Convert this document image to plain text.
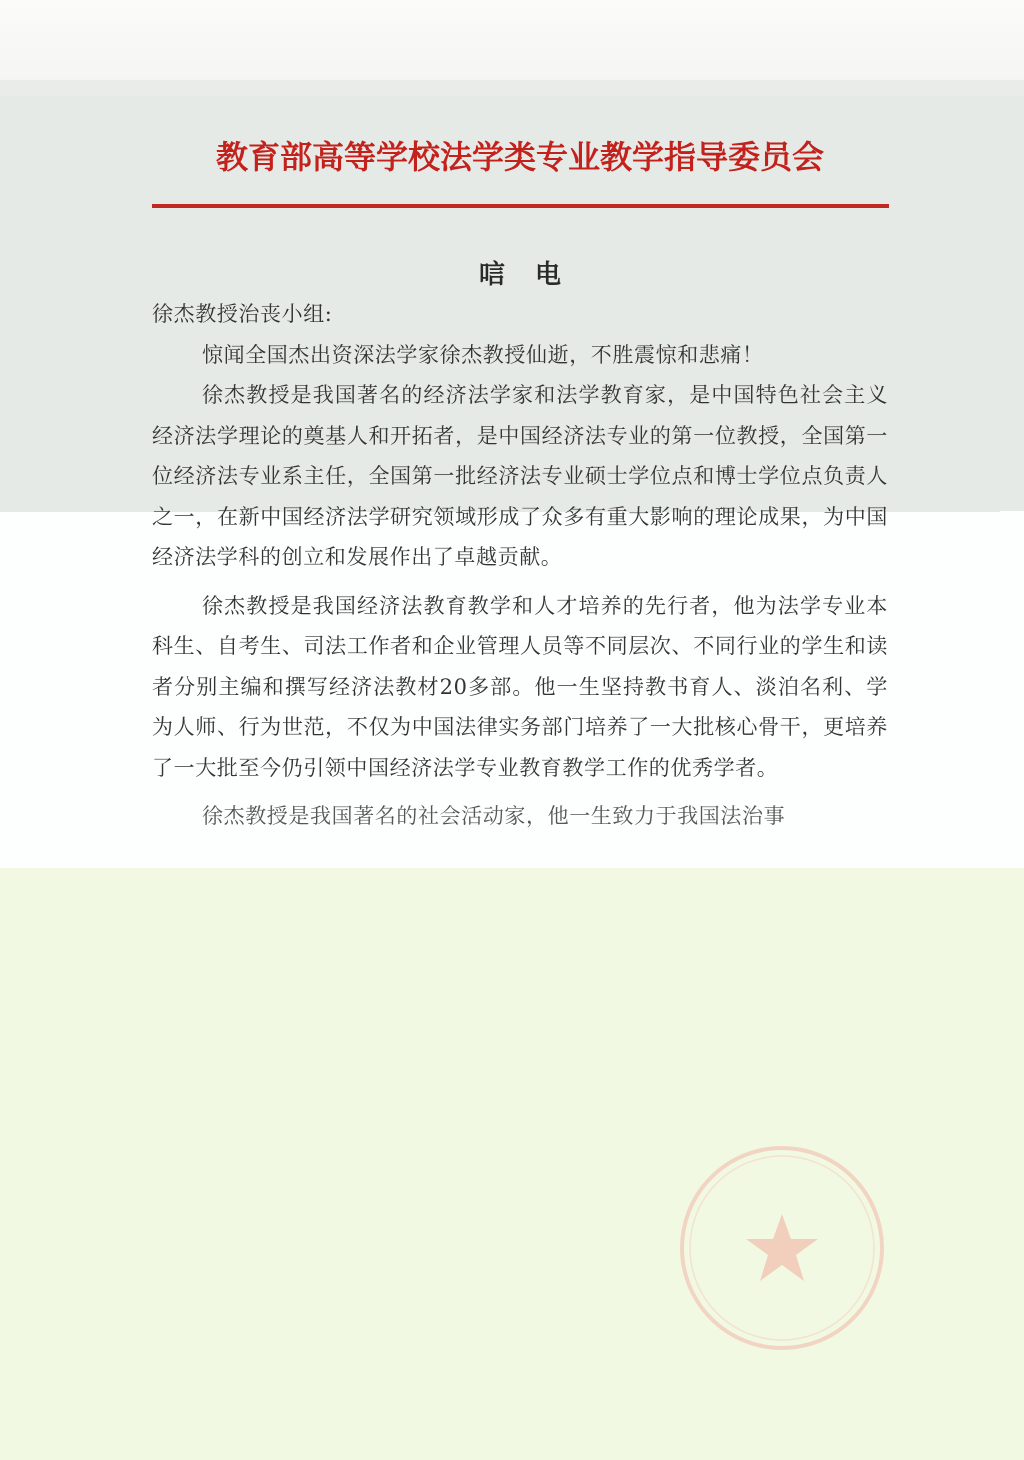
教育部高等学校法学类专业教学指导委员会
唁 电

徐杰教授治丧小组:

惊闻全国杰出资深法学家徐杰教授仙逝，不胜震惊和悲痛！

徐杰教授是我国著名的经济法学家和法学教育家，是中国特色社会主义经济法学理论的奠基人和开拓者，是中国经济法专业的第一位教授，全国第一位经济法专业系主任，全国第一批经济法专业硕士学位点和博士学位点负责人之一，在新中国经济法学研究领域形成了众多有重大影响的理论成果，为中国经济法学科的创立和发展作出了卓越贡献。

徐杰教授是我国经济法教育教学和人才培养的先行者，他为法学专业本科生、自考生、司法工作者和企业管理人员等不同层次、不同行业的学生和读者分别主编和撰写经济法教材20多部。他一生坚持教书育人、淡泊名利、学为人师、行为世范，不仅为中国法律实务部门培养了一大批核心骨干，更培养了一大批至今仍引领中国经济法学专业教育教学工作的优秀学者。

徐杰教授是我国著名的社会活动家，他一生致力于我国法治事
